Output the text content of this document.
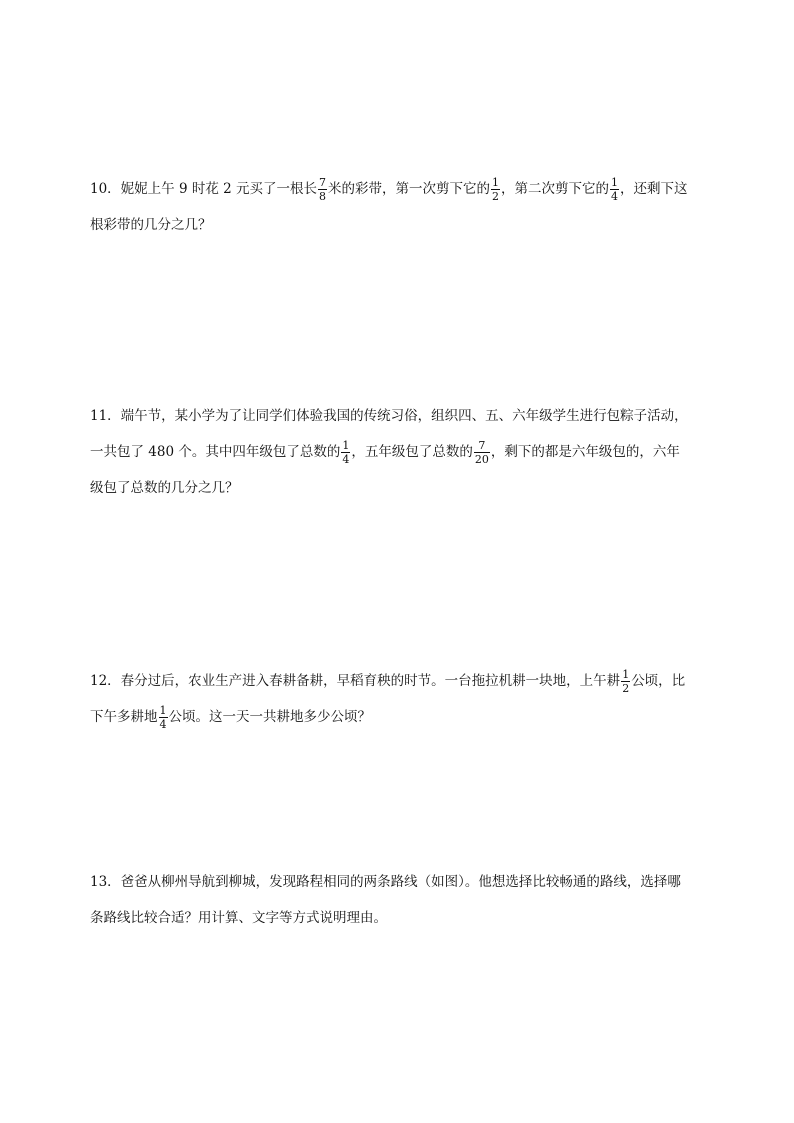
10．妮妮上午 9 时花 2 元买了一根长 $\frac{7}{8}$ 米的彩带，第一次剪下它的 $\frac{1}{2}$ ，第二次剪下它的 $\frac{1}{4}$ ，还剩下这
根彩带的几分之几？
11．端午节，某小学为了让同学们体验我国的传统习俗，组织四、五、六年级学生进行包粽子活动，
一共包了 480 个。其中四年级包了总数的 $\frac{1}{4}$ ，五年级包了总数的 $\frac{7}{20}$ ，剩下的都是六年级包的，六年
级包了总数的几分之几？
12．春分过后，农业生产进入春耕备耕，早稻育秧的时节。一台拖拉机耕一块地，上午耕 $\frac{1}{2}$ 公顷，比
下午多耕地 $\frac{1}{4}$ 公顷。这一天一共耕地多少公顷？
13．爸爸从柳州导航到柳城，发现路程相同的两条路线（如图）。他想选择比较畅通的路线，选择哪
条路线比较合适？用计算、文字等方式说明理由。
